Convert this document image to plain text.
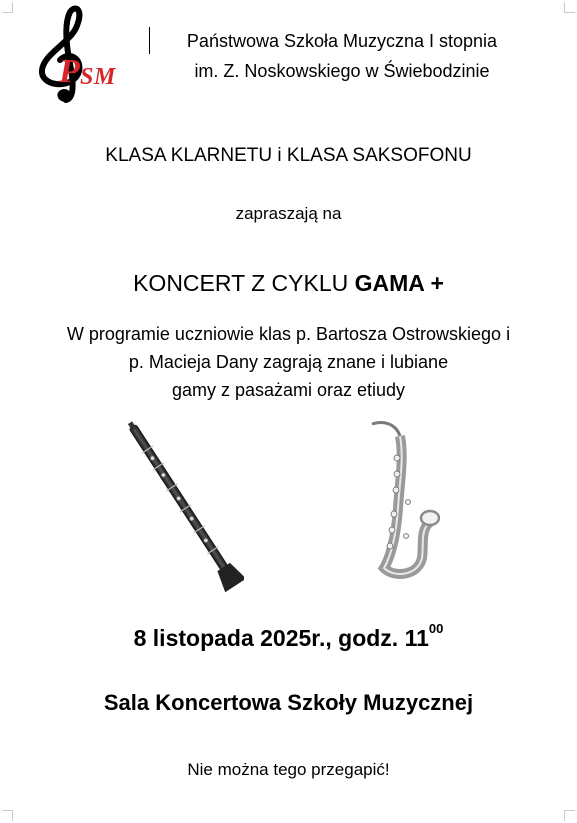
P S M
Państwowa Szkoła Muzyczna I stopnia
im. Z. Noskowskiego w Świebodzinie
KLASA KLARNETU i KLASA SAKSOFONU
zapraszają na
KONCERT Z CYKLU GAMA +
W programie uczniowie klas p. Bartosza Ostrowskiego i
p. Macieja Dany zagrają znane i lubiane
gamy z pasażami oraz etiudy
8 listopada 2025r., godz. $11^{00}$
Sala Koncertowa Szkoły Muzycznej
Nie można tego przegapić!
